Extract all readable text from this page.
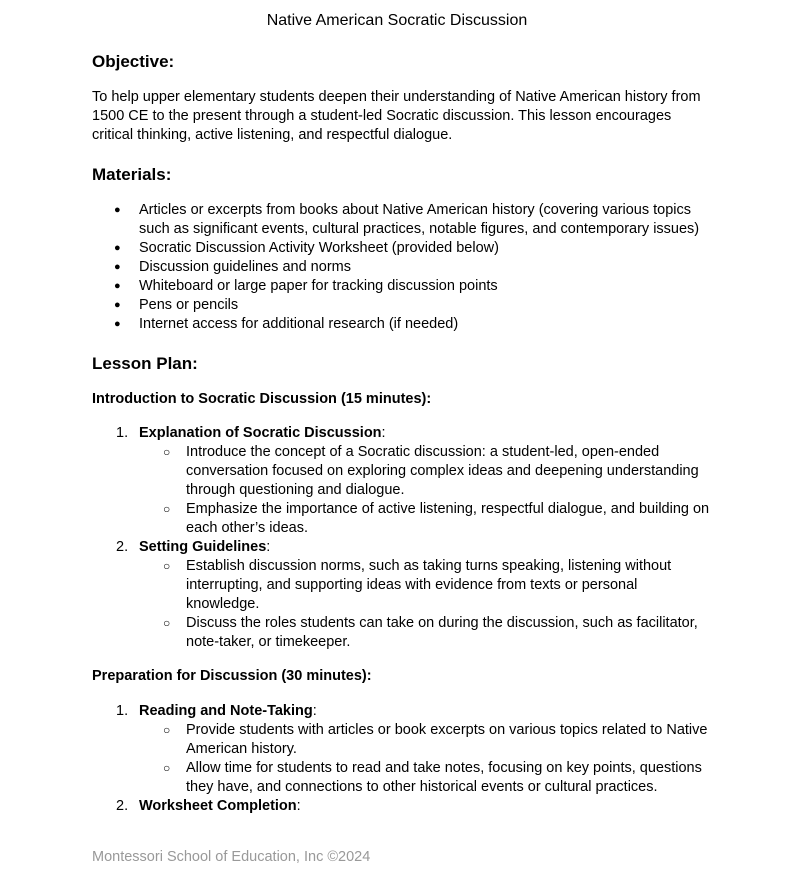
Native American Socratic Discussion
Objective:

To help upper elementary students deepen their understanding of Native American history from 1500 CE to the present through a student-led Socratic discussion. This lesson encourages critical thinking, active listening, and respectful dialogue.

Materials:
● Articles or excerpts from books about Native American history (covering various topics such as significant events, cultural practices, notable figures, and contemporary issues)
● Socratic Discussion Activity Worksheet (provided below)
● Discussion guidelines and norms
● Whiteboard or large paper for tracking discussion points
● Pens or pencils
● Internet access for additional research (if needed)
Lesson Plan:
Introduction to Socratic Discussion (15 minutes):
1. Explanation of Socratic Discussion:
○ Introduce the concept of a Socratic discussion: a student-led, open-ended conversation focused on exploring complex ideas and deepening understanding through questioning and dialogue.
○ Emphasize the importance of active listening, respectful dialogue, and building on each other’s ideas.
2. Setting Guidelines:
○ Establish discussion norms, such as taking turns speaking, listening without interrupting, and supporting ideas with evidence from texts or personal knowledge.
○ Discuss the roles students can take on during the discussion, such as facilitator, note-taker, or timekeeper.
Preparation for Discussion (30 minutes):
1. Reading and Note-Taking:
○ Provide students with articles or book excerpts on various topics related to Native American history.
○ Allow time for students to read and take notes, focusing on key points, questions they have, and connections to other historical events or cultural practices.
2. Worksheet Completion:
Montessori School of Education, Inc ©2024
